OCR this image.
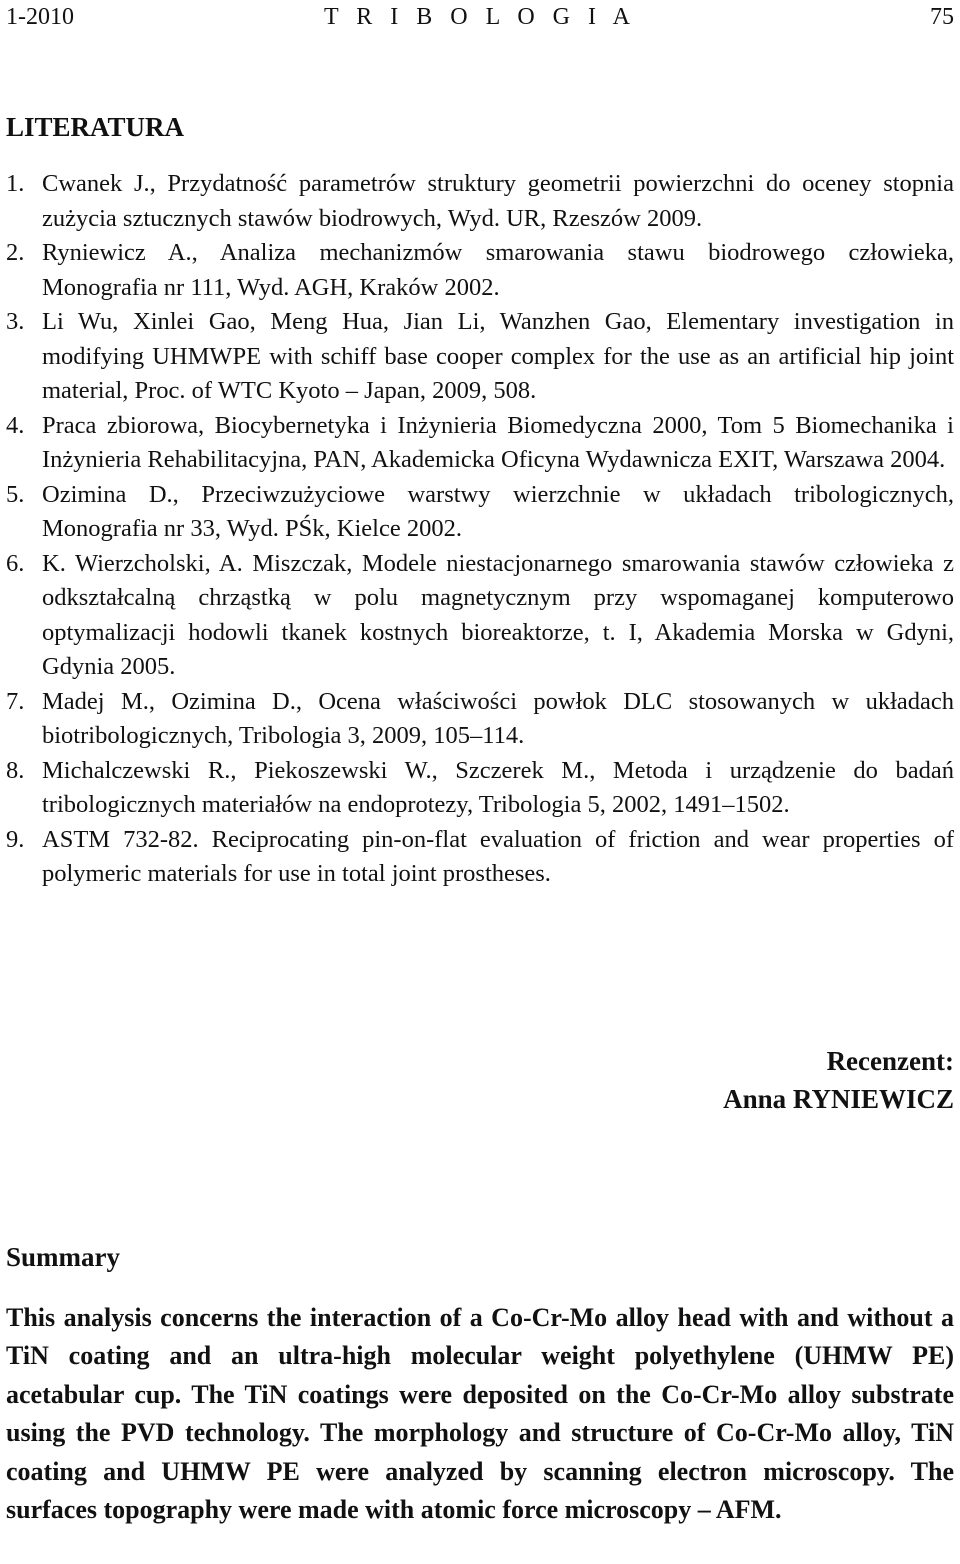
1-2010	T R I B O L O G I A	75
LITERATURA
1. Cwanek J., Przydatność parametrów struktury geometrii powierzchni do oceney stopnia zużycia sztucznych stawów biodrowych, Wyd. UR, Rzeszów 2009.
2. Ryniewicz A., Analiza mechanizmów smarowania stawu biodrowego człowieka, Monografia nr 111, Wyd. AGH, Kraków 2002.
3. Li Wu, Xinlei Gao, Meng Hua, Jian Li, Wanzhen Gao, Elementary investigation in modifying UHMWPE with schiff base cooper complex for the use as an artificial hip joint material, Proc. of WTC Kyoto – Japan, 2009, 508.
4. Praca zbiorowa, Biocybernetyka i Inżynieria Biomedyczna 2000, Tom 5 Biomechanika i Inżynieria Rehabilitacyjna, PAN, Akademicka Oficyna Wydawnicza EXIT, Warszawa 2004.
5. Ozimina D., Przeciwzużyciowe warstwy wierzchnie w układach tribologicznych, Monografia nr 33, Wyd. PŚk, Kielce 2002.
6. K. Wierzcholski, A. Miszczak, Modele niestacjonarnego smarowania stawów człowieka z odkształcalną chrząstką w polu magnetycznym przy wspomaganej komputerowo optymalizacji hodowli tkanek kostnych bioreaktorze, t. I, Akademia Morska w Gdyni, Gdynia 2005.
7. Madej M., Ozimina D., Ocena właściwości powłok DLC stosowanych w układach biotribologicznych, Tribologia 3, 2009, 105–114.
8. Michalczewski R., Piekoszewski W., Szczerek M., Metoda i urządzenie do badań tribologicznych materiałów na endoprotezy, Tribologia 5, 2002, 1491–1502.
9. ASTM 732-82. Reciprocating pin-on-flat evaluation of friction and wear properties of polymeric materials for use in total joint prostheses.
Recenzent:
Anna RYNIEWICZ
Summary

This analysis concerns the interaction of a Co-Cr-Mo alloy head with and without a TiN coating and an ultra-high molecular weight polyethylene (UHMW PE) acetabular cup. The TiN coatings were deposited on the Co-Cr-Mo alloy substrate using the PVD technology. The morphology and structure of Co-Cr-Mo alloy, TiN coating and UHMW PE were analyzed by scanning electron microscopy. The surfaces topography were made with atomic force microscopy – AFM.
